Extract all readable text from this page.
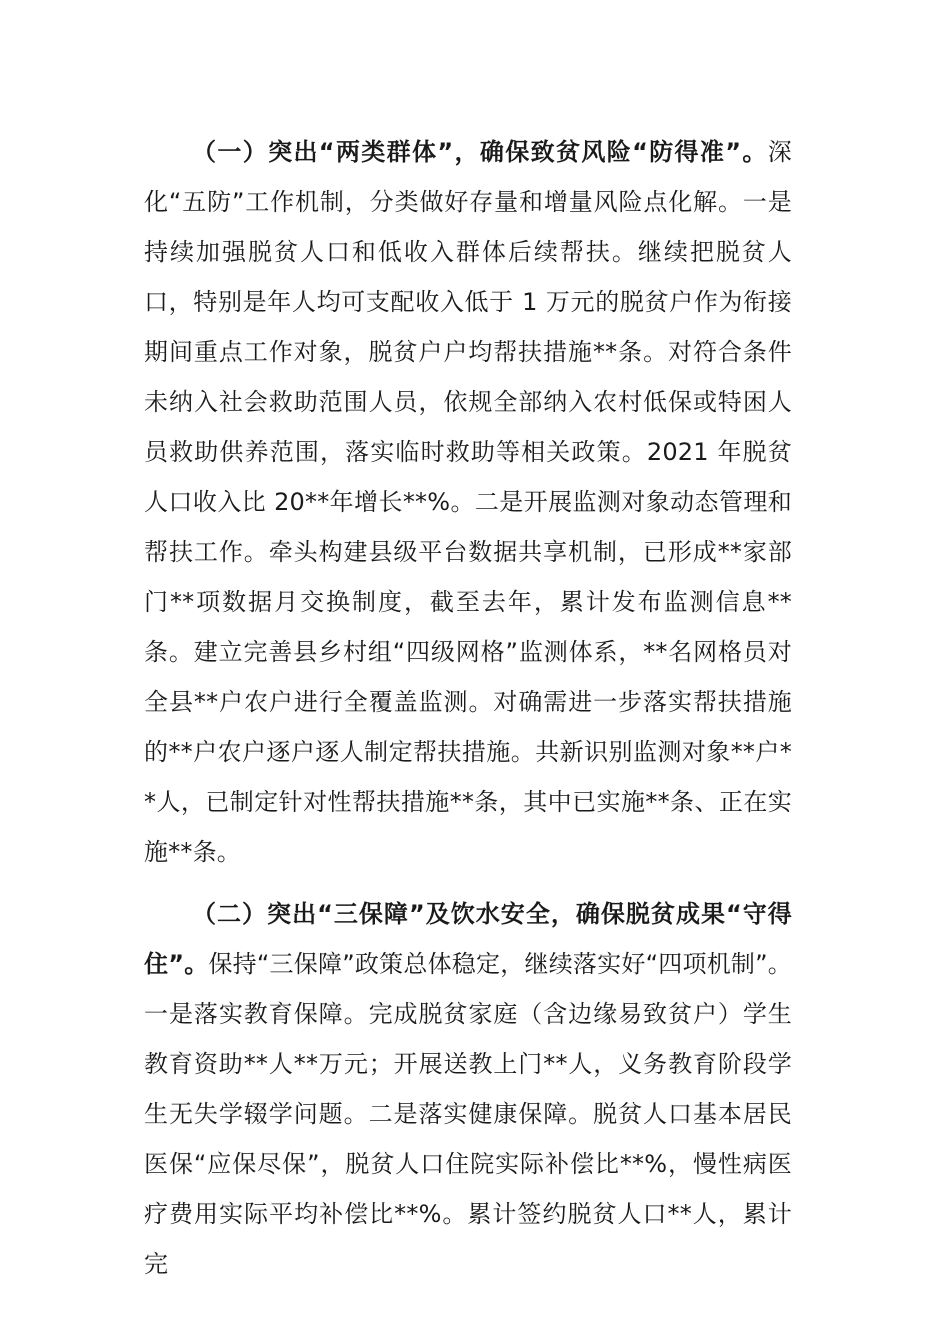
（一）突出“两类群体”，确保致贫风险“防得准”。深化“五防”工作机制，分类做好存量和增量风险点化解。一是持续加强脱贫人口和低收入群体后续帮扶。继续把脱贫人口，特别是年人均可支配收入低于 1 万元的脱贫户作为衔接期间重点工作对象，脱贫户户均帮扶措施**条。对符合条件未纳入社会救助范围人员，依规全部纳入农村低保或特困人员救助供养范围，落实临时救助等相关政策。2021 年脱贫人口收入比 20**年增长**%。二是开展监测对象动态管理和帮扶工作。牵头构建县级平台数据共享机制，已形成**家部门**项数据月交换制度，截至去年，累计发布监测信息**条。建立完善县乡村组“四级网格”监测体系，**名网格员对全县**户农户进行全覆盖监测。对确需进一步落实帮扶措施的**户农户逐户逐人制定帮扶措施。共新识别监测对象**户**人，已制定针对性帮扶措施**条，其中已实施**条、正在实施**条。

（二）突出“三保障”及饮水安全，确保脱贫成果“守得住”。保持“三保障”政策总体稳定，继续落实好“四项机制”。一是落实教育保障。完成脱贫家庭（含边缘易致贫户）学生教育资助**人**万元；开展送教上门**人，义务教育阶段学生无失学辍学问题。二是落实健康保障。脱贫人口基本居民医保“应保尽保”，脱贫人口住院实际补偿比**%，慢性病医疗费用实际平均补偿比**%。累计签约脱贫人口**人，累计完
